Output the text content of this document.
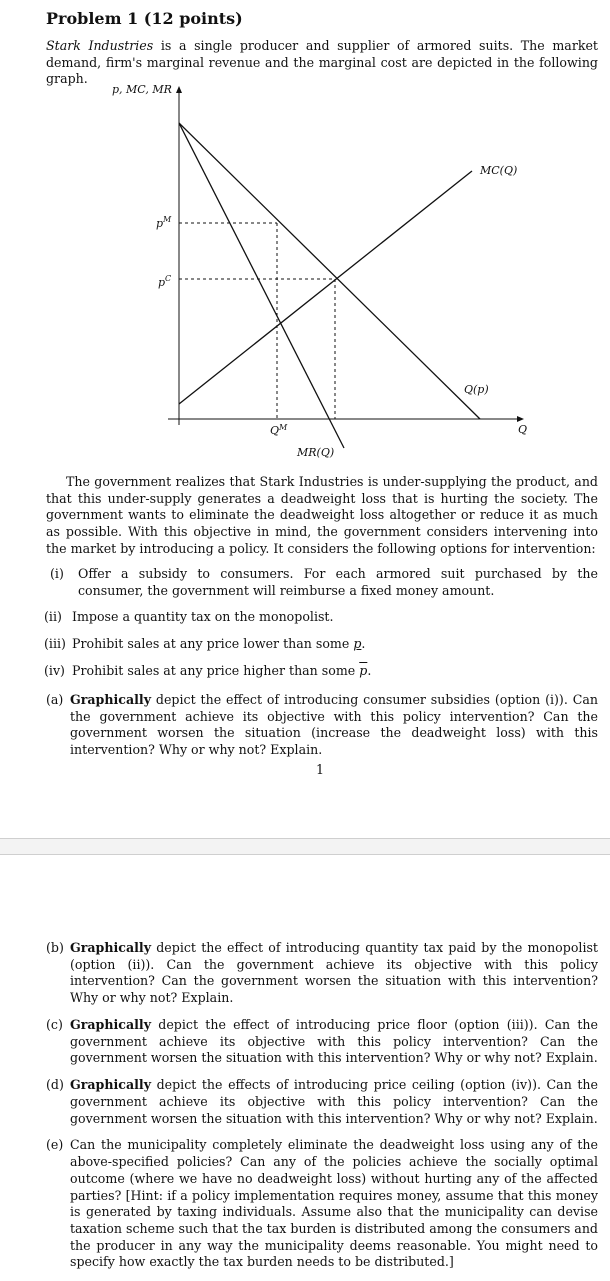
Problem 1 (12 points)

Stark Industries is a single producer and supplier of armored suits. The market demand, firm's marginal revenue and the marginal cost are depicted in the following graph.

p, MC, MR
Q
MC(Q)
Q(p)
MR(Q)
$p^M$
$p^C$
$Q^M$

The government realizes that Stark Industries is under-supplying the product, and that this under-supply generates a deadweight loss that is hurting the society. The government wants to eliminate the deadweight loss altogether or reduce it as much as possible. With this objective in mind, the government considers intervening into the market by introducing a policy. It considers the following options for intervention:

(i) Offer a subsidy to consumers. For each armored suit purchased by the consumer, the government will reimburse a fixed money amount.
(ii) Impose a quantity tax on the monopolist.
(iii) Prohibit sales at any price lower than some p.
(iv) Prohibit sales at any price higher than some $\overline{p}$.
(a) Graphically depict the effect of introducing consumer subsidies (option (i)). Can the government achieve its objective with this policy intervention? Can the government worsen the situation (increase the deadweight loss) with this intervention? Why or why not? Explain.
1
(b) Graphically depict the effect of introducing quantity tax paid by the monopolist (option (ii)). Can the government achieve its objective with this policy intervention? Can the government worsen the situation with this intervention? Why or why not? Explain.
(c) Graphically depict the effect of introducing price floor (option (iii)). Can the government achieve its objective with this policy intervention? Can the government worsen the situation with this intervention? Why or why not? Explain.
(d) Graphically depict the effects of introducing price ceiling (option (iv)). Can the government achieve its objective with this policy intervention? Can the government worsen the situation with this intervention? Why or why not? Explain.
(e) Can the municipality completely eliminate the deadweight loss using any of the above-specified policies? Can any of the policies achieve the socially optimal outcome (where we have no deadweight loss) without hurting any of the affected parties? [Hint: if a policy implementation requires money, assume that this money is generated by taxing individuals. Assume also that the municipality can devise taxation scheme such that the tax burden is distributed among the consumers and the producer in any way the municipality deems reasonable. You might need to specify how exactly the tax burden needs to be distributed.]
